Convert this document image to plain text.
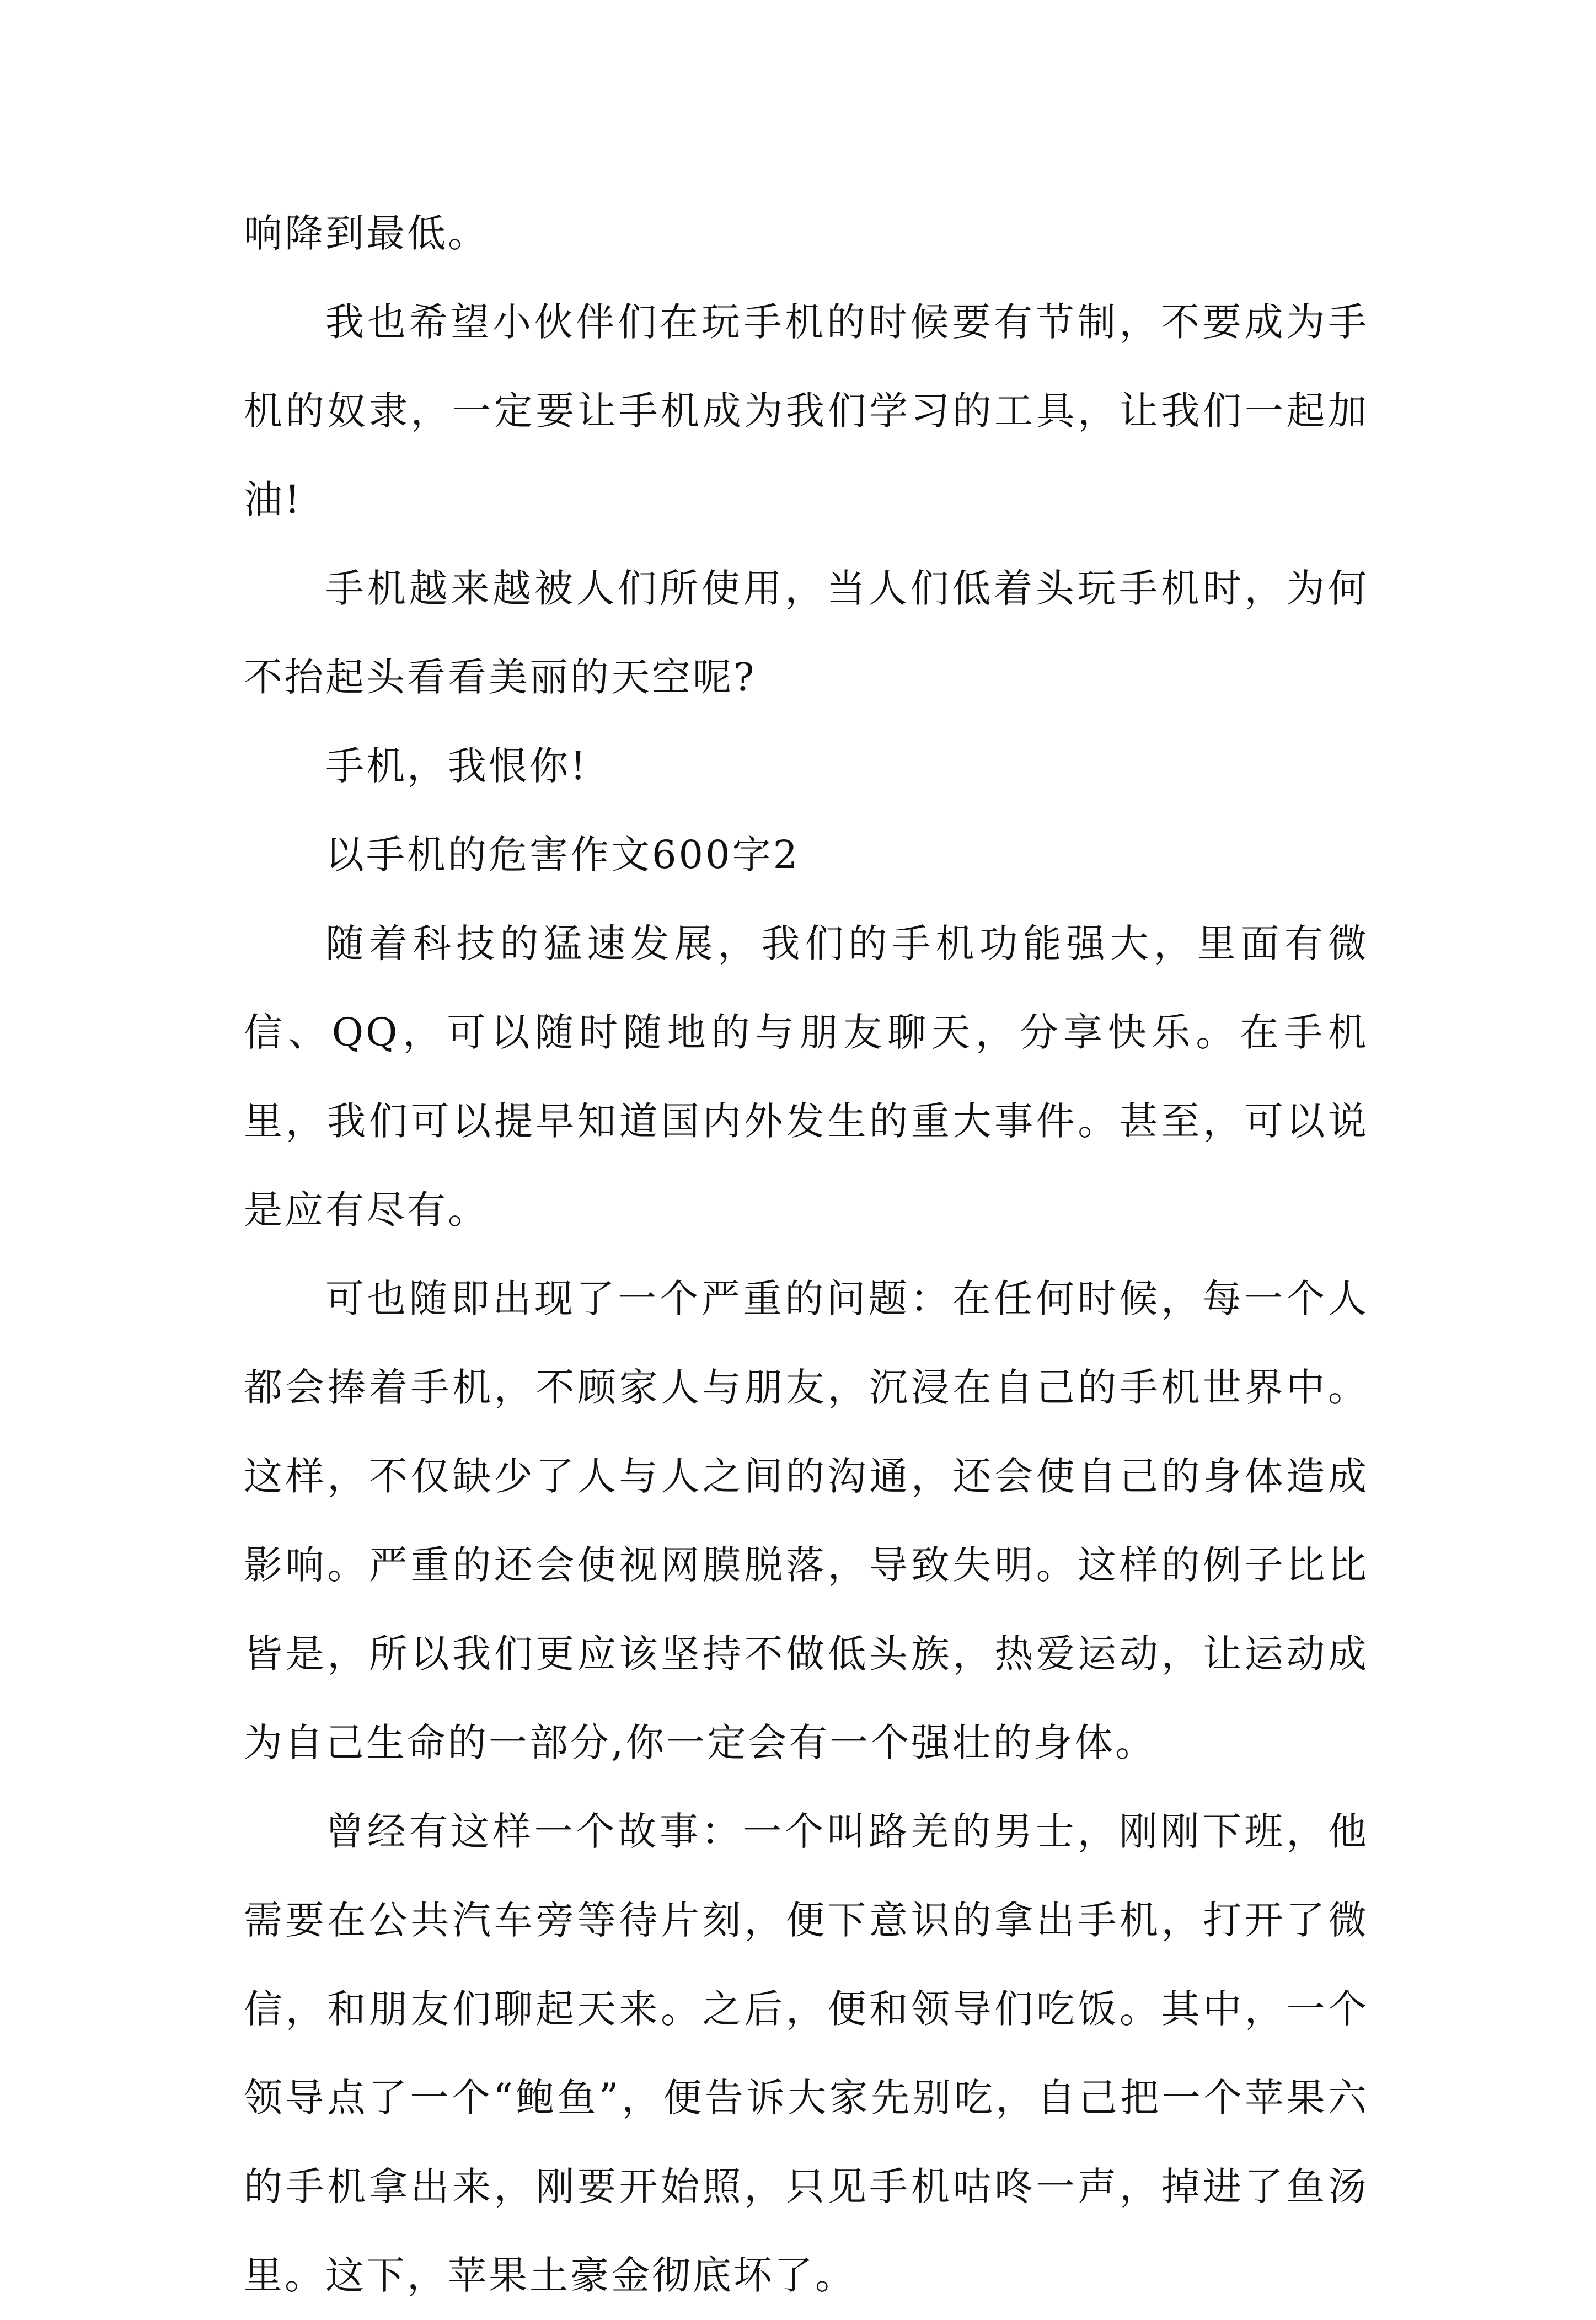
响降到最低。

我也希望小伙伴们在玩手机的时候要有节制，不要成为手机的奴隶，一定要让手机成为我们学习的工具，让我们一起加油!

手机越来越被人们所使用，当人们低着头玩手机时，为何不抬起头看看美丽的天空呢?

手机，我恨你!

以手机的危害作文600字2

随着科技的猛速发展，我们的手机功能强大，里面有微信、QQ，可以随时随地的与朋友聊天，分享快乐。在手机里，我们可以提早知道国内外发生的重大事件。甚至，可以说是应有尽有。

可也随即出现了一个严重的问题：在任何时候，每一个人都会捧着手机，不顾家人与朋友，沉浸在自己的手机世界中。这样，不仅缺少了人与人之间的沟通，还会使自己的身体造成影响。严重的还会使视网膜脱落，导致失明。这样的例子比比皆是，所以我们更应该坚持不做低头族，热爱运动，让运动成为自己生命的一部分,你一定会有一个强壮的身体。

曾经有这样一个故事：一个叫路羌的男士，刚刚下班，他需要在公共汽车旁等待片刻，便下意识的拿出手机，打开了微信，和朋友们聊起天来。之后，便和领导们吃饭。其中，一个领导点了一个“鲍鱼”，便告诉大家先别吃，自己把一个苹果六的手机拿出来，刚要开始照，只见手机咕咚一声，掉进了鱼汤里。这下，苹果土豪金彻底坏了。
